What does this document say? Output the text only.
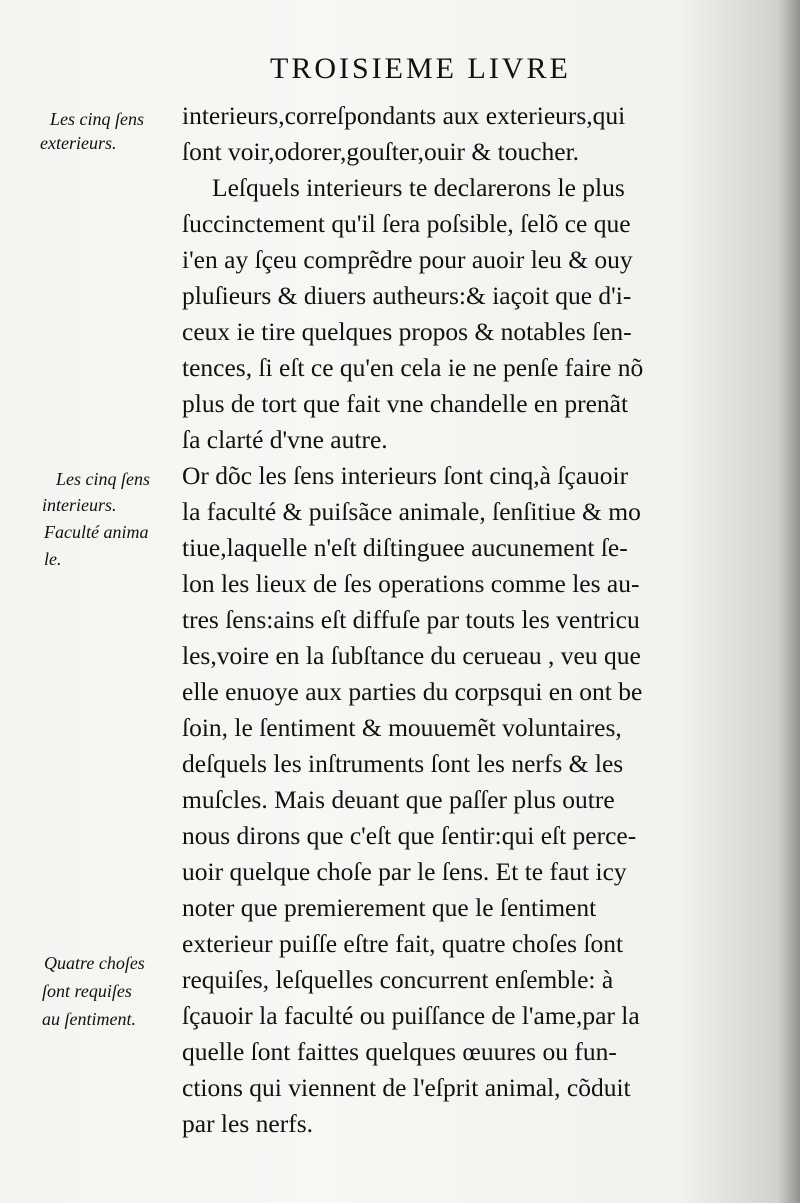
TROISIEME LIVRE
interieurs,correſpondants aux exterieurs,qui
ſont voir,odorer,gouſter,ouir & toucher.
Leſquels interieurs te declarerons le plus
ſuccinctement qu'il ſera poſsible, ſelõ ce que
i'en ay ſçeu comprẽdre pour auoir leu & ouy
pluſieurs & diuers autheurs:& iaçoit que d'i-
ceux ie tire quelques propos & notables ſen-
tences, ſi eſt ce qu'en cela ie ne penſe faire nõ
plus de tort que fait vne chandelle en prenãt
ſa clarté d'vne autre.
Or dõc les ſens interieurs ſont cinq,à ſçauoir
la faculté & puiſsãce animale, ſenſitiue & mo
tiue,laquelle n'eſt diſtinguee aucunement ſe-
lon les lieux de ſes operations comme les au-
tres ſens:ains eſt diffuſe par touts les ventricu
les,voire en la ſubſtance du cerueau , veu que
elle enuoye aux parties du corpsqui en ont be
ſoin, le ſentiment & mouuemẽt voluntaires,
deſquels les inſtruments ſont les nerfs & les
muſcles. Mais deuant que paſſer plus outre
nous dirons que c'eſt que ſentir:qui eſt perce-
uoir quelque choſe par le ſens. Et te faut icy
noter que premierement que le ſentiment
exterieur puiſſe eſtre fait, quatre choſes ſont
requiſes, leſquelles concurrent enſemble: à
ſçauoir la faculté ou puiſſance de l'ame,par la
quelle ſont faittes quelques œuures ou fun-
ctions qui viennent de l'eſprit animal, cõduit
par les nerfs.
Les cinq ſens
exterieurs.
Les cinq ſens
interieurs.
Faculté anima
le.
Quatre choſes
ſont requiſes
au ſentiment.
